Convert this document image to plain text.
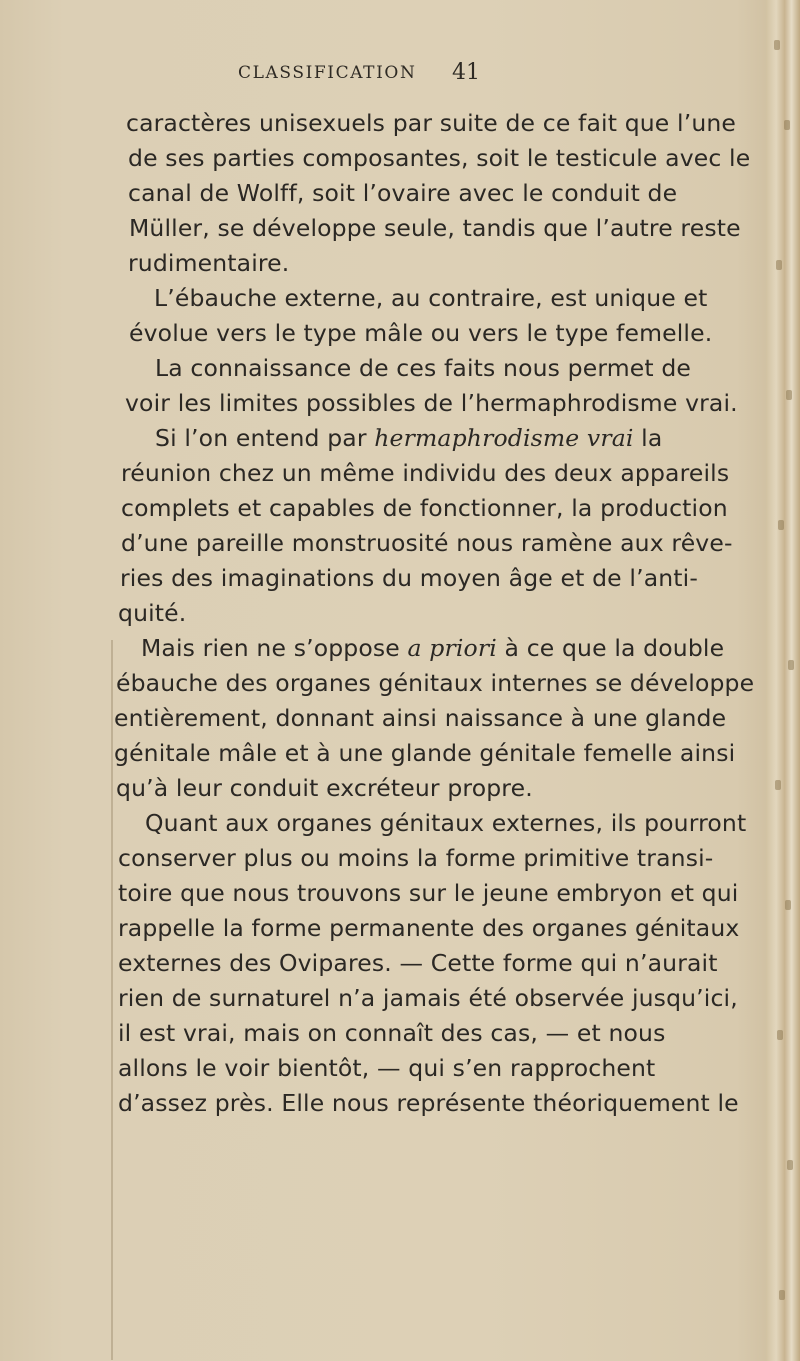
CLASSIFICATION 41
caractères unisexuels par suite de ce fait que l’une
de ses parties composantes, soit le testicule avec le
canal de Wolff, soit l’ovaire avec le conduit de
Müller, se développe seule, tandis que l’autre reste
rudimentaire.
L’ébauche externe, au contraire, est unique et
évolue vers le type mâle ou vers le type femelle.
La connaissance de ces faits nous permet de
voir les limites possibles de l’hermaphrodisme vrai.
Si l’on entend par hermaphrodisme vrai la
réunion chez un même individu des deux appareils
complets et capables de fonctionner, la production
d’une pareille monstruosité nous ramène aux rêve-
ries des imaginations du moyen âge et de l’anti-
quité.
Mais rien ne s’oppose a priori à ce que la double
ébauche des organes génitaux internes se développe
entièrement, donnant ainsi naissance à une glande
génitale mâle et à une glande génitale femelle ainsi
qu’à leur conduit excréteur propre.
Quant aux organes génitaux externes, ils pourront
conserver plus ou moins la forme primitive transi-
toire que nous trouvons sur le jeune embryon et qui
rappelle la forme permanente des organes génitaux
externes des Ovipares. — Cette forme qui n’aurait
rien de surnaturel n’a jamais été observée jusqu’ici,
il est vrai, mais on connaît des cas, — et nous
allons le voir bientôt, — qui s’en rapprochent
d’assez près. Elle nous représente théoriquement le
